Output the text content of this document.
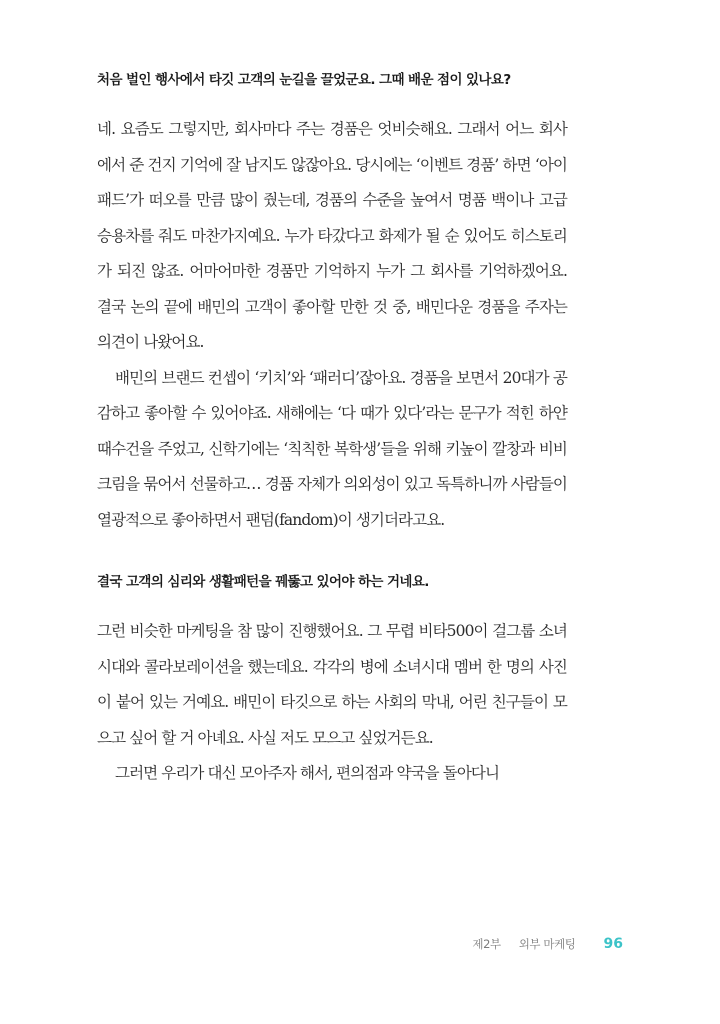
처음 벌인 행사에서 타깃 고객의 눈길을 끌었군요. 그때 배운 점이 있나요?

네. 요즘도 그렇지만, 회사마다 주는 경품은 엇비슷해요. 그래서 어느 회사에서 준 건지 기억에 잘 남지도 않잖아요. 당시에는 ‘이벤트 경품’ 하면 ‘아이패드’가 떠오를 만큼 많이 줬는데, 경품의 수준을 높여서 명품 백이나 고급 승용차를 줘도 마찬가지예요. 누가 타갔다고 화제가 될 순 있어도 히스토리가 되진 않죠. 어마어마한 경품만 기억하지 누가 그 회사를 기억하겠어요. 결국 논의 끝에 배민의 고객이 좋아할 만한 것 중, 배민다운 경품을 주자는 의견이 나왔어요.

배민의 브랜드 컨셉이 ‘키치’와 ‘패러디’잖아요. 경품을 보면서 20대가 공감하고 좋아할 수 있어야죠. 새해에는 ‘다 때가 있다’라는 문구가 적힌 하얀 때수건을 주었고, 신학기에는 ‘칙칙한 복학생’들을 위해 키높이 깔창과 비비크림을 묶어서 선물하고… 경품 자체가 의외성이 있고 독특하니까 사람들이 열광적으로 좋아하면서 팬덤(fandom)이 생기더라고요.

결국 고객의 심리와 생활패턴을 꿰뚫고 있어야 하는 거네요.

그런 비슷한 마케팅을 참 많이 진행했어요. 그 무렵 비타500이 걸그룹 소녀시대와 콜라보레이션을 했는데요. 각각의 병에 소녀시대 멤버 한 명의 사진이 붙어 있는 거예요. 배민이 타깃으로 하는 사회의 막내, 어린 친구들이 모으고 싶어 할 거 아녜요. 사실 저도 모으고 싶었거든요.

그러면 우리가 대신 모아주자 해서, 편의점과 약국을 돌아다니

제2부 외부 마케팅 96
